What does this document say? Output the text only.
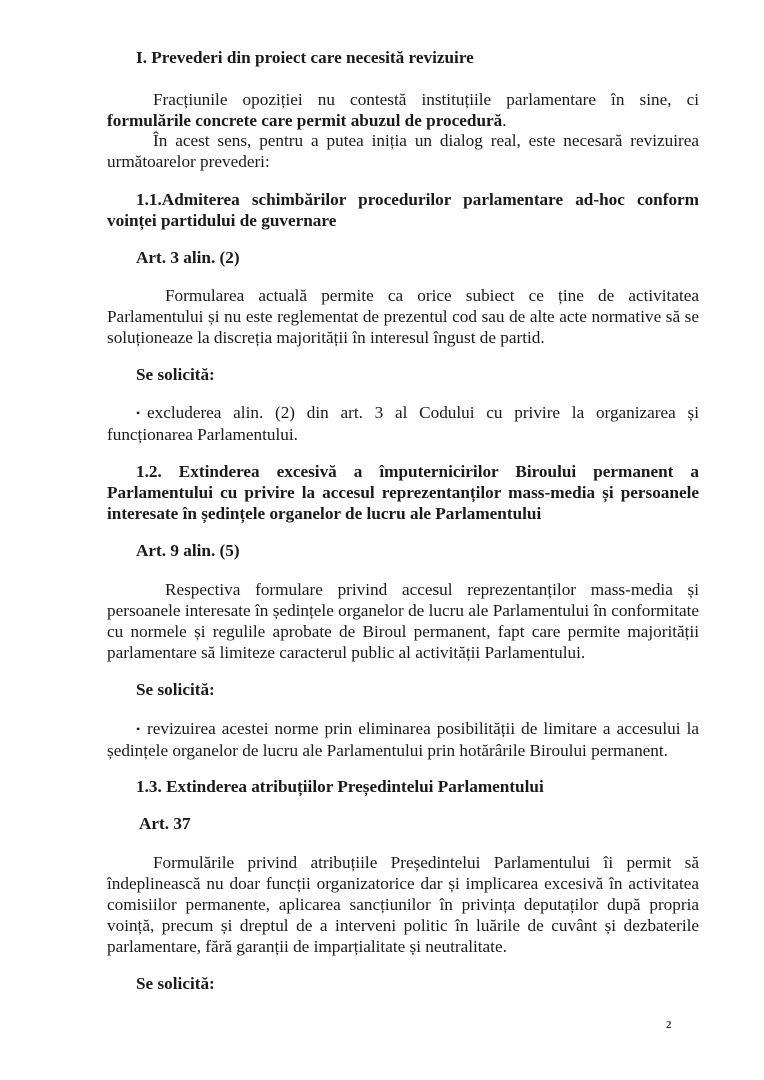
I. Prevederi din proiect care necesită revizuire
Fracțiunile opoziției nu contestă instituțiile parlamentare în sine, ci formulările concrete care permit abuzul de procedură.
În acest sens, pentru a putea iniția un dialog real, este necesară revizuirea următoarelor prevederi:
1.1.Admiterea schimbărilor procedurilor parlamentare ad-hoc conform voinței partidului de guvernare
Art. 3 alin. (2)
Formularea actuală permite ca orice subiect ce ține de activitatea Parlamentului și nu este reglementat de prezentul cod sau de alte acte normative să se soluționeaze la discreția majorității în interesul îngust de partid.
Se solicită:
• excluderea alin. (2) din art. 3 al Codului cu privire la organizarea și funcționarea Parlamentului.
1.2. Extinderea excesivă a împuternicirilor Biroului permanent a Parlamentului cu privire la accesul reprezentanților mass-media și persoanele interesate în ședințele organelor de lucru ale Parlamentului
Art. 9 alin. (5)
Respectiva formulare privind accesul reprezentanților mass-media și persoanele interesate în ședințele organelor de lucru ale Parlamentului în conformitate cu normele și regulile aprobate de Biroul permanent, fapt care permite majorității parlamentare să limiteze caracterul public al activității Parlamentului.
Se solicită:
• revizuirea acestei norme prin eliminarea posibilității de limitare a accesului la ședințele organelor de lucru ale Parlamentului prin hotărârile Biroului permanent.
1.3. Extinderea atribuțiilor Președintelui Parlamentului
Art. 37
Formulările privind atribuțiile Președintelui Parlamentului îi permit să îndeplinească nu doar funcții organizatorice dar și implicarea excesivă în activitatea comisiilor permanente, aplicarea sancțiunilor în privința deputaților după propria voință, precum și dreptul de a interveni politic în luările de cuvânt și dezbaterile parlamentare, fără garanții de imparțialitate și neutralitate.
Se solicită:
2
